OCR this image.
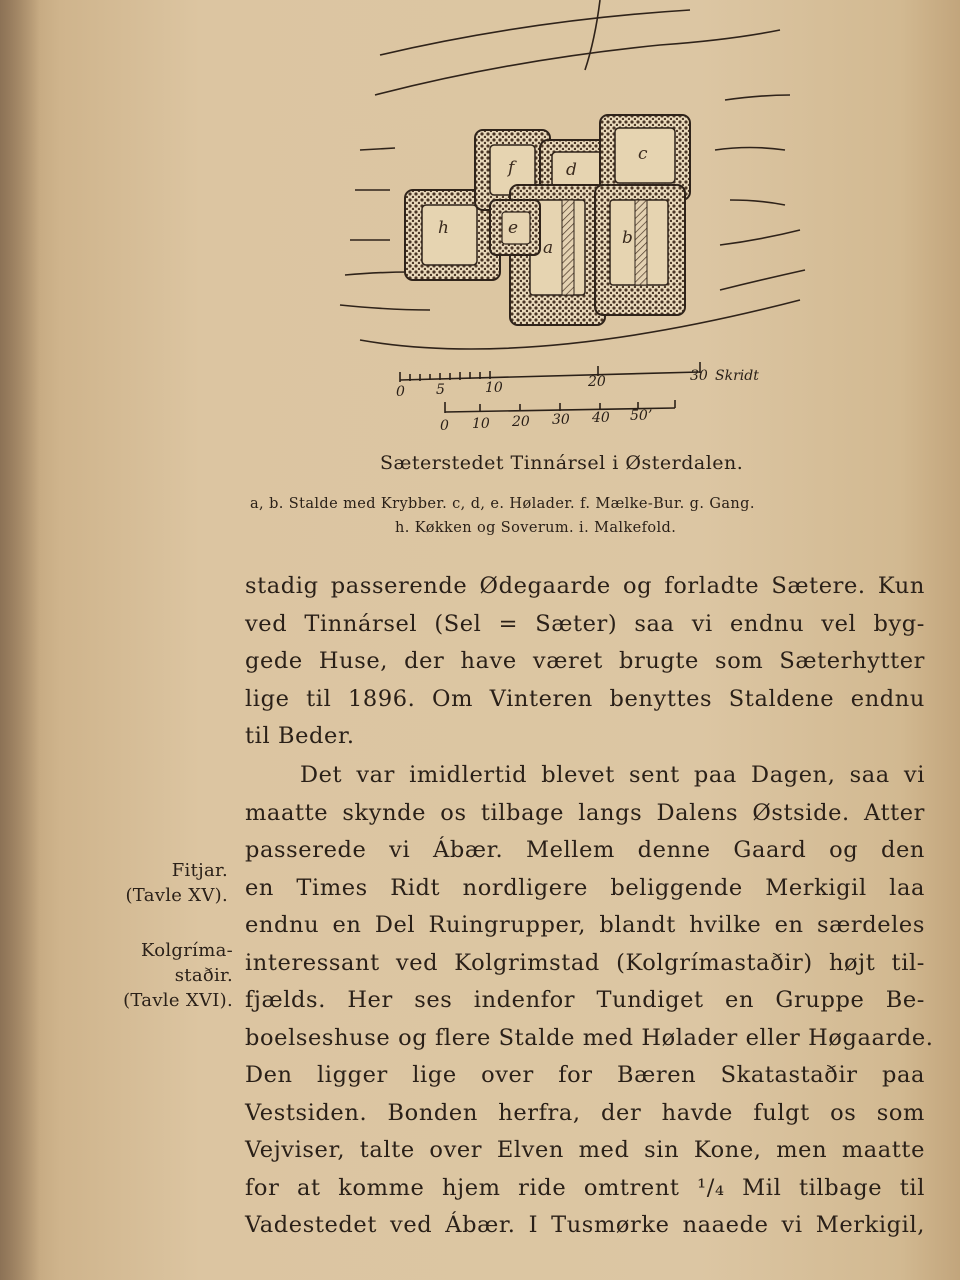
f	d
c
h	e
a	b
0 5	10	20	30 Skridt
0 10 20 30 40 50’
Sæterstedet Tinnársel i Østerdalen.
a, b. Stalde med Krybber. c, d, e. Hølader. f. Mælke-Bur. g. Gang.
h. Køkken og Soverum. i. Malkefold.
stadig passerende Ødegaarde og forladte Sætere. Kun
ved Tinnársel (Sel = Sæter) saa vi endnu vel byg-
gede Huse, der have været brugte som Sæterhytter
lige til 1896. Om Vinteren benyttes Staldene endnu
til Beder.
Det var imidlertid blevet sent paa Dagen, saa vi
maatte skynde os tilbage langs Dalens Østside. Atter
passerede vi Ábær. Mellem denne Gaard og den
en Times Ridt nordligere beliggende Merkigil laa
endnu en Del Ruingrupper, blandt hvilke en særdeles
interessant ved Kolgrimstad (Kolgrímastaðir) højt til-
fjælds. Her ses indenfor Tundiget en Gruppe Be-
boelseshuse og flere Stalde med Hølader eller Høgaarde.
Den ligger lige over for Bæren Skatastaðir paa
Vestsiden. Bonden herfra, der havde fulgt os som
Vejviser, talte over Elven med sin Kone, men maatte
for at komme hjem ride omtrent ¹/₄ Mil tilbage til
Vadestedet ved Ábær. I Tusmørke naaede vi Merkigil,
Fitjar.
(Tavle XV).
Kolgríma-
staðir.
(Tavle XVI).
